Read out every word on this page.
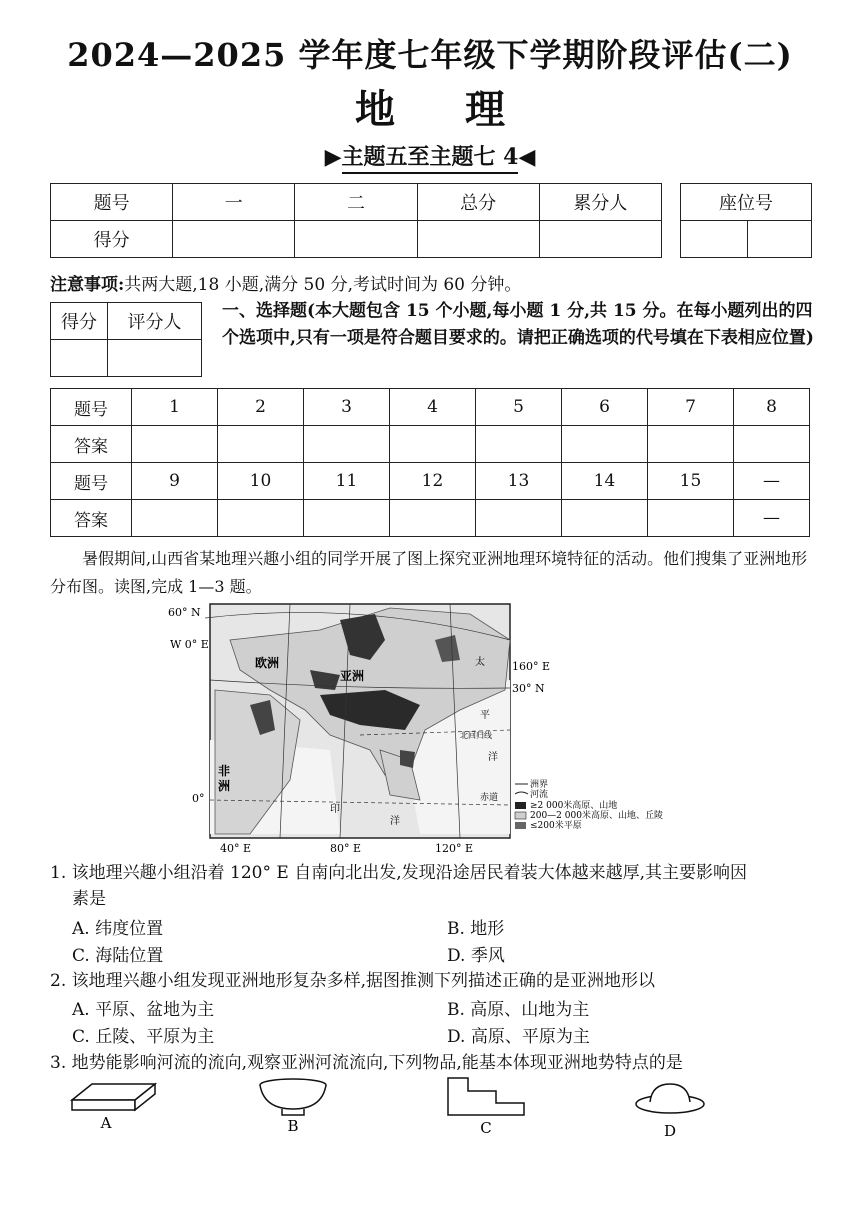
2024—2025 学年度七年级下学期阶段评估(二)
地理
▶主题五至主题七 4◀
题号	一	二	总分	累分人
得分				
座位号

注意事项:共两大题,18 小题,满分 50 分,考试时间为 60 分钟。
得分	评分人

一、选择题(本大题包含 15 个小题,每小题 1 分,共 15 分。在每小题列出的四个选项中,只有一项是符合题目要求的。请把正确选项的代号填在下表相应位置)
题号	1	2	3	4	5	6	7	8
答案								
题号	9	10	11	12	13	14	15	—
答案								—
暑假期间,山西省某地理兴趣小组的同学开展了图上探究亚洲地理环境特征的活动。他们搜集了亚洲地形分布图。读图,完成 1—3 题。
60° N
W 0° E
欧洲
亚洲
非
洲
0°
40° E	80° E	120° E
160° E
30° N
太
平
北回归线
洋
印
洋
赤道
洲界
河流
≥2 000米高原、山地
200—2 000米高原、山地、丘陵
≤200米平原
1. 该地理兴趣小组沿着 120° E 自南向北出发,发现沿途居民着装大体越来越厚,其主要影响因
素是
A. 纬度位置	B. 地形
C. 海陆位置	D. 季风
2. 该地理兴趣小组发现亚洲地形复杂多样,据图推测下列描述正确的是亚洲地形以
A. 平原、盆地为主	B. 高原、山地为主
C. 丘陵、平原为主	D. 高原、平原为主
3. 地势能影响河流的流向,观察亚洲河流流向,下列物品,能基本体现亚洲地势特点的是
A	B	C	D
